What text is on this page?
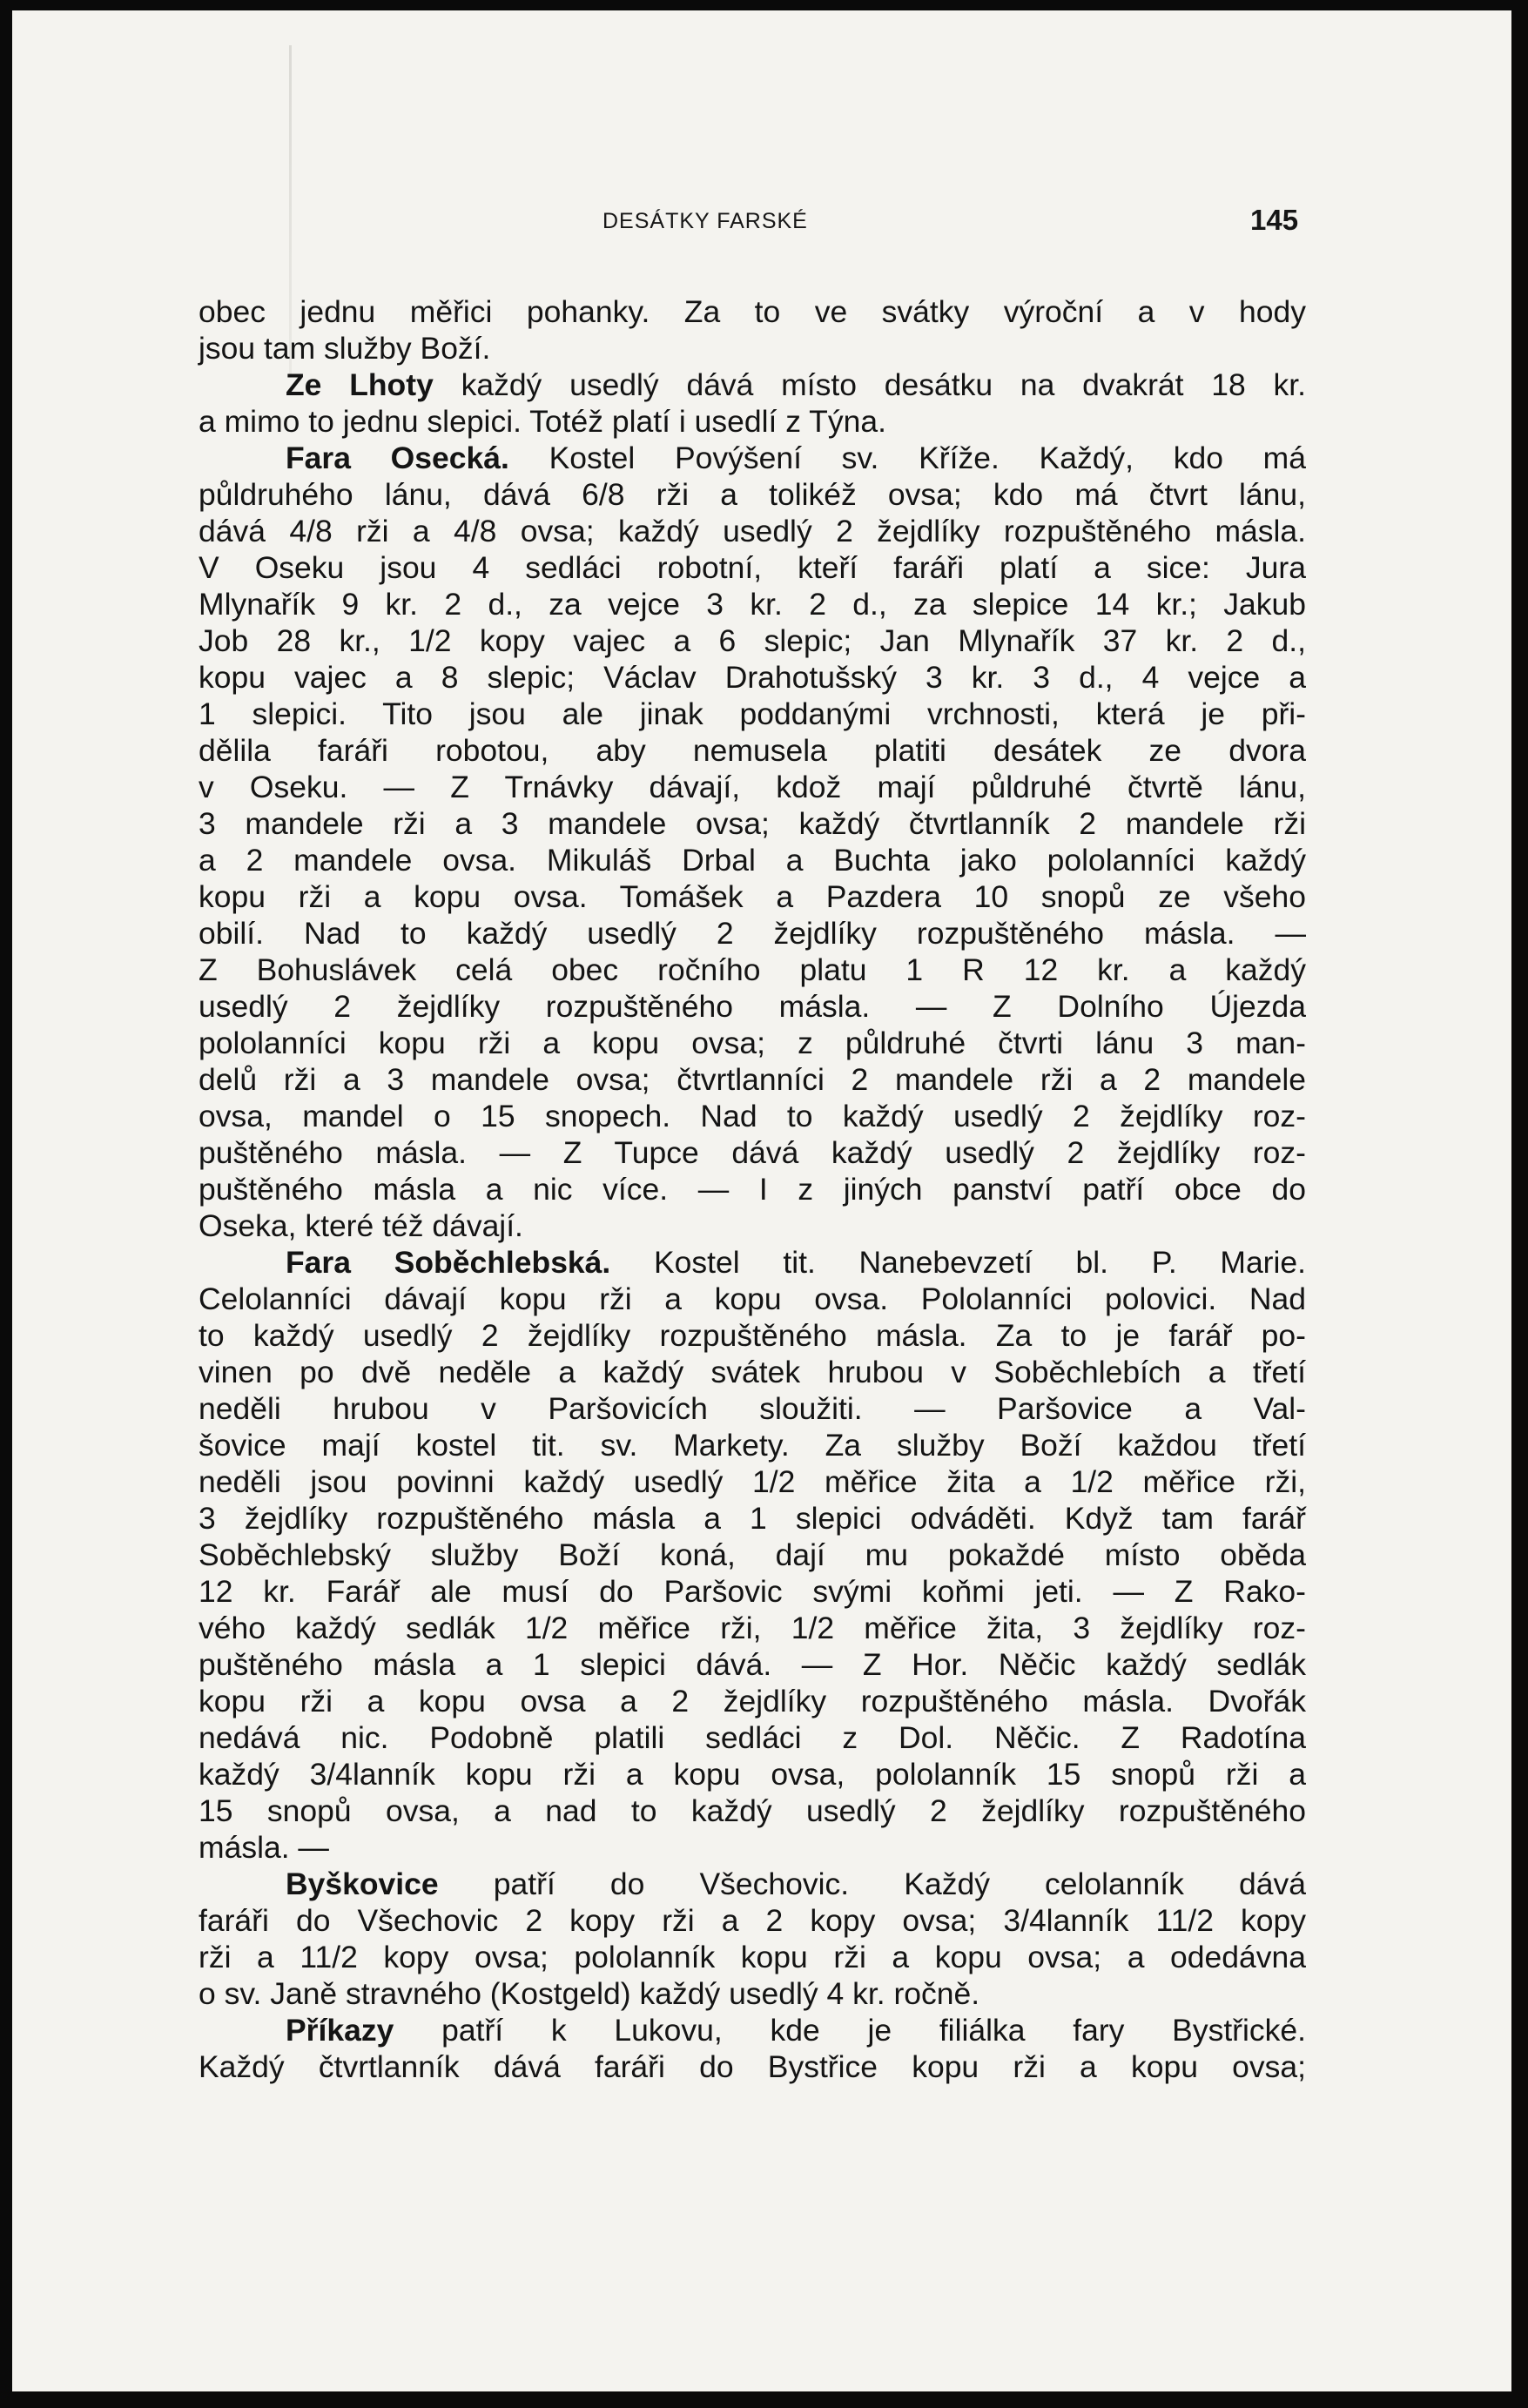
DESÁTKY FARSKÉ	145
obec jednu měřici pohanky. Za to ve svátky výroční a v hody
jsou tam služby Boží.
Ze Lhoty každý usedlý dává místo desátku na dvakrát 18 kr.
a mimo to jednu slepici. Totéž platí i usedlí z Týna.
Fara Osecká. Kostel Povýšení sv. Kříže. Každý, kdo má
půldruhého lánu, dává 6/8 rži a tolikéž ovsa; kdo má čtvrt lánu,
dává 4/8 rži a 4/8 ovsa; každý usedlý 2 žejdlíky rozpuštěného másla.
V Oseku jsou 4 sedláci robotní, kteří faráři platí a sice: Jura
Mlynařík 9 kr. 2 d., za vejce 3 kr. 2 d., za slepice 14 kr.; Jakub
Job 28 kr., 1/2 kopy vajec a 6 slepic; Jan Mlynařík 37 kr. 2 d.,
kopu vajec a 8 slepic; Václav Drahotušský 3 kr. 3 d., 4 vejce a
1 slepici. Tito jsou ale jinak poddanými vrchnosti, která je při-
dělila faráři robotou, aby nemusela platiti desátek ze dvora
v Oseku. — Z Trnávky dávají, kdož mají půldruhé čtvrtě lánu,
3 mandele rži a 3 mandele ovsa; každý čtvrtlanník 2 mandele rži
a 2 mandele ovsa. Mikuláš Drbal a Buchta jako pololanníci každý
kopu rži a kopu ovsa. Tomášek a Pazdera 10 snopů ze všeho
obilí. Nad to každý usedlý 2 žejdlíky rozpuštěného másla. —
Z Bohuslávek celá obec ročního platu 1 R 12 kr. a každý
usedlý 2 žejdlíky rozpuštěného másla. — Z Dolního Újezda
pololanníci kopu rži a kopu ovsa; z půldruhé čtvrti lánu 3 man-
delů rži a 3 mandele ovsa; čtvrtlanníci 2 mandele rži a 2 mandele
ovsa, mandel o 15 snopech. Nad to každý usedlý 2 žejdlíky roz-
puštěného másla. — Z Tupce dává každý usedlý 2 žejdlíky roz-
puštěného másla a nic více. — I z jiných panství patří obce do
Oseka, které též dávají.
Fara Soběchlebská. Kostel tit. Nanebevzetí bl. P. Marie.
Celolanníci dávají kopu rži a kopu ovsa. Pololanníci polovici. Nad
to každý usedlý 2 žejdlíky rozpuštěného másla. Za to je farář po-
vinen po dvě neděle a každý svátek hrubou v Soběchlebích a třetí
neděli hrubou v Paršovicích sloužiti. — Paršovice a Val-
šovice mají kostel tit. sv. Markety. Za služby Boží každou třetí
neděli jsou povinni každý usedlý 1/2 měřice žita a 1/2 měřice rži,
3 žejdlíky rozpuštěného másla a 1 slepici odváděti. Když tam farář
Soběchlebský služby Boží koná, dají mu pokaždé místo oběda
12 kr. Farář ale musí do Paršovic svými koňmi jeti. — Z Rako-
vého každý sedlák 1/2 měřice rži, 1/2 měřice žita, 3 žejdlíky roz-
puštěného másla a 1 slepici dává. — Z Hor. Něčic každý sedlák
kopu rži a kopu ovsa a 2 žejdlíky rozpuštěného másla. Dvořák
nedává nic. Podobně platili sedláci z Dol. Něčic. Z Radotína
každý 3/4lanník kopu rži a kopu ovsa, pololanník 15 snopů rži a
15 snopů ovsa, a nad to každý usedlý 2 žejdlíky rozpuštěného
másla. —
Byškovice patří do Všechovic. Každý celolanník dává
faráři do Všechovic 2 kopy rži a 2 kopy ovsa; 3/4lanník 11/2 kopy
rži a 11/2 kopy ovsa; pololanník kopu rži a kopu ovsa; a odedávna
o sv. Janě stravného (Kostgeld) každý usedlý 4 kr. ročně.
Příkazy patří k Lukovu, kde je filiálka fary Bystřické.
Každý čtvrtlanník dává faráři do Bystřice kopu rži a kopu ovsa;
